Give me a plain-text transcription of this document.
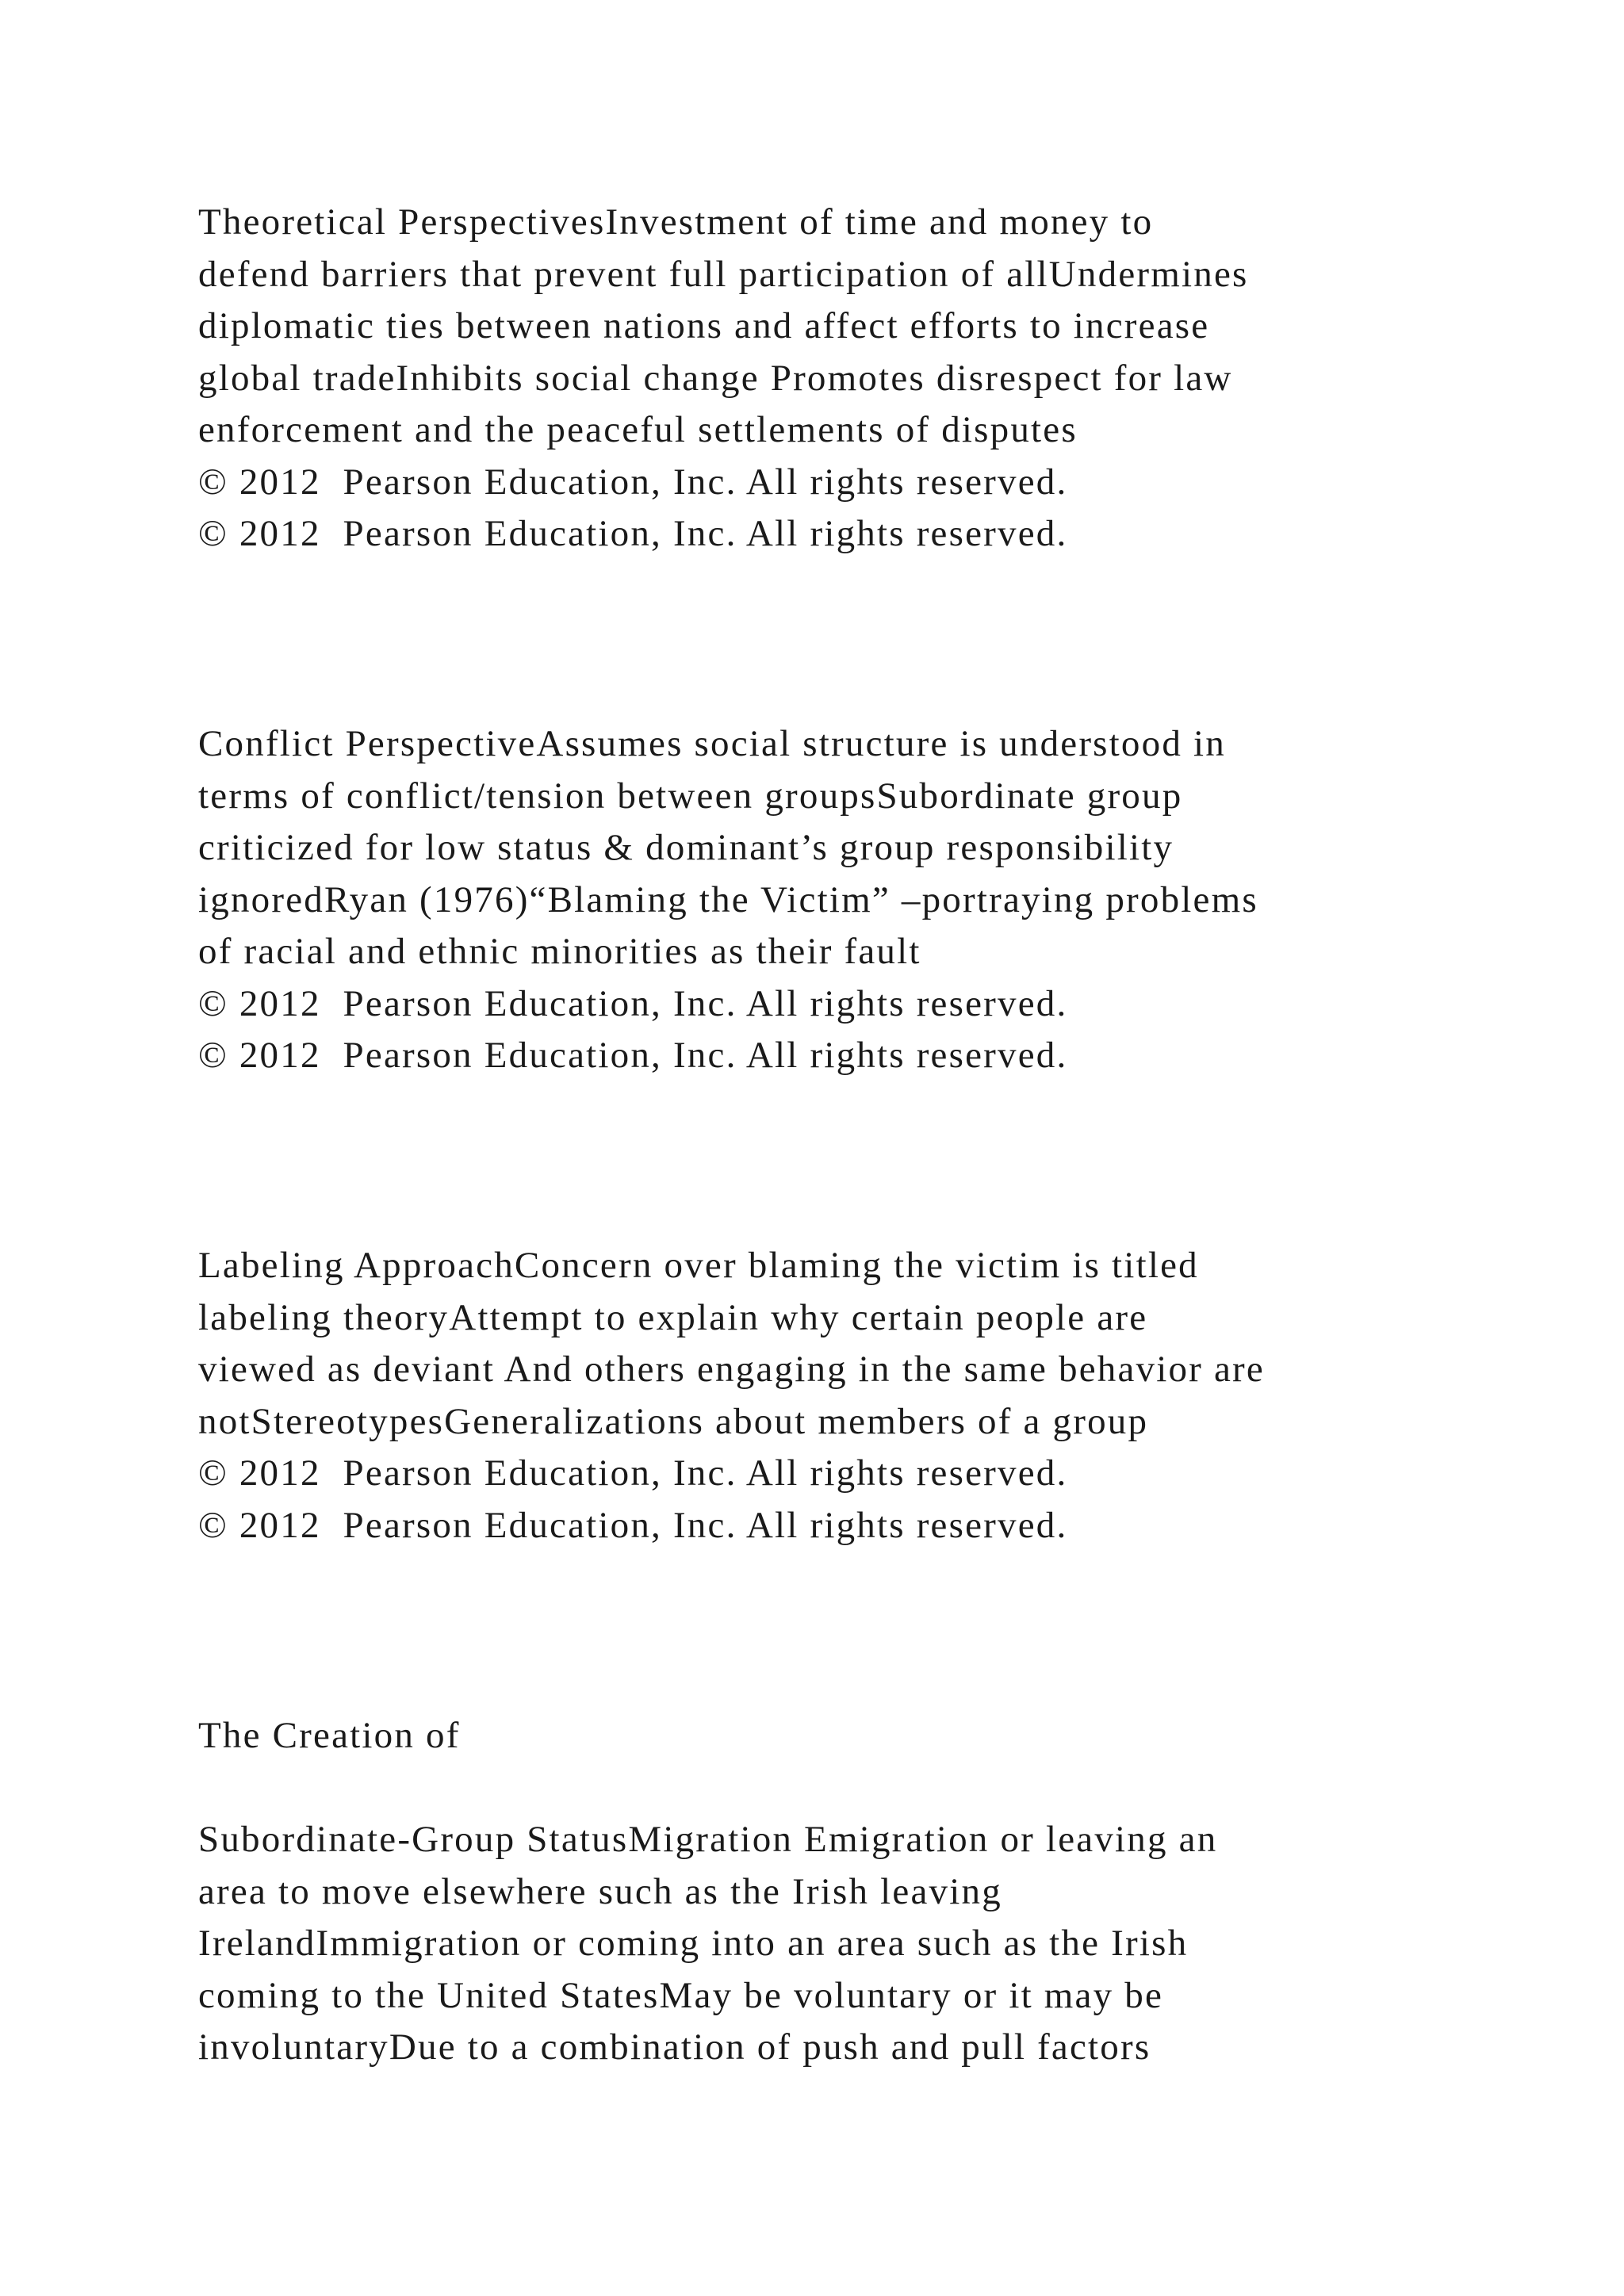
Theoretical PerspectivesInvestment of time and money to
defend barriers that prevent full participation of allUndermines
diplomatic ties between nations and affect efforts to increase
global tradeInhibits social change Promotes disrespect for law
enforcement and the peaceful settlements of disputes
© 2012  Pearson Education, Inc. All rights reserved.
© 2012  Pearson Education, Inc. All rights reserved.
Conflict PerspectiveAssumes social structure is understood in
terms of conflict/tension between groupsSubordinate group
criticized for low status & dominant’s group responsibility
ignoredRyan (1976)“Blaming the Victim” –portraying problems
of racial and ethnic minorities as their fault
© 2012  Pearson Education, Inc. All rights reserved.
© 2012  Pearson Education, Inc. All rights reserved.
Labeling ApproachConcern over blaming the victim is titled
labeling theoryAttempt to explain why certain people are
viewed as deviant And others engaging in the same behavior are
notStereotypesGeneralizations about members of a group
© 2012  Pearson Education, Inc. All rights reserved.
© 2012  Pearson Education, Inc. All rights reserved.
The Creation of
Subordinate-Group StatusMigration Emigration or leaving an
area to move elsewhere such as the Irish leaving
IrelandImmigration or coming into an area such as the Irish
coming to the United StatesMay be voluntary or it may be
involuntaryDue to a combination of push and pull factors
